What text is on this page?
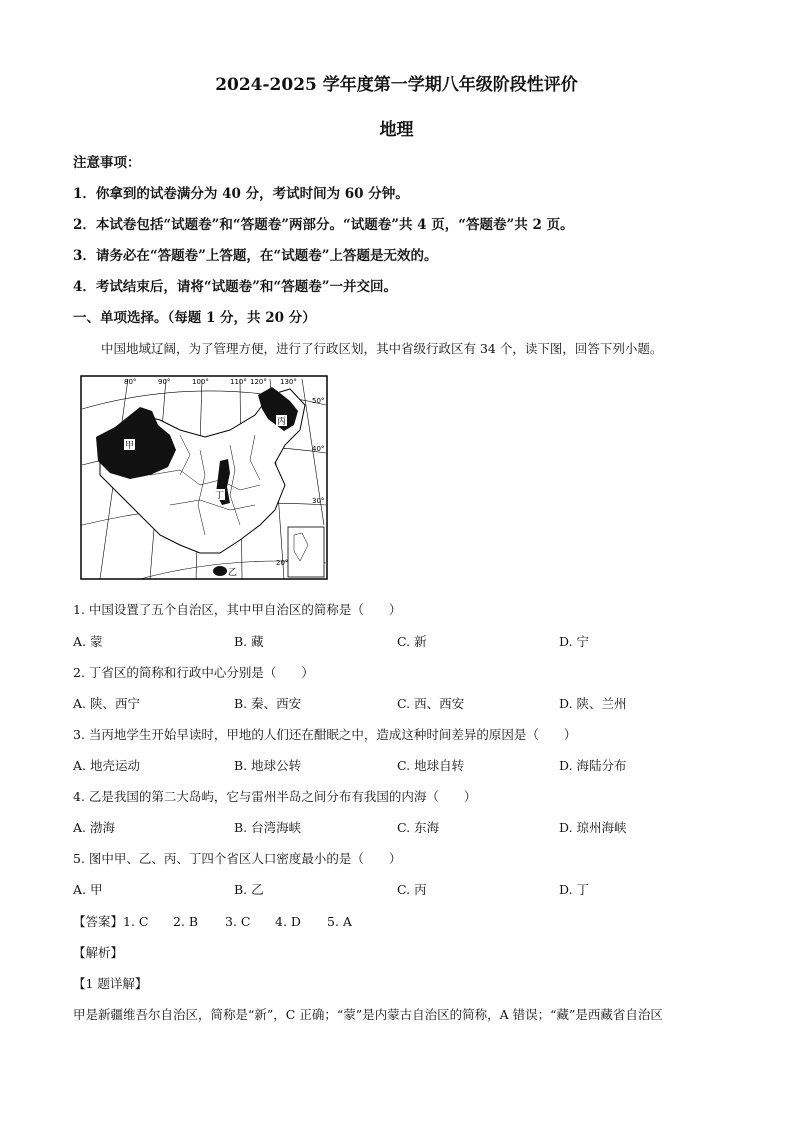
2024-2025 学年度第一学期八年级阶段性评价
地理
注意事项：
1．你拿到的试卷满分为 40 分，考试时间为 60 分钟。
2．本试卷包括“试题卷”和“答题卷”两部分。“试题卷”共 4 页，“答题卷”共 2 页。
3．请务必在“答题卷”上答题，在“试题卷”上答题是无效的。
4．考试结束后，请将“试题卷”和“答题卷”一并交回。
一、单项选择。（每题 1 分，共 20 分）
中国地域辽阔，为了管理方便，进行了行政区划，其中省级行政区有 34 个，读下图，回答下列小题。
80°	90°	100°	110° 120° 130°
50°
40°
30°
20°
甲
丙
丁
乙
1. 中国设置了五个自治区，其中甲自治区的简称是（　　）
A. 蒙	B. 藏	C. 新	D. 宁
2. 丁省区的简称和行政中心分别是（　　）
A. 陕、西宁	B. 秦、西安	C. 西、西安	D. 陕、兰州
3. 当丙地学生开始早读时，甲地的人们还在酣眠之中，造成这种时间差异的原因是（　　）
A. 地壳运动	B. 地球公转	C. 地球自转	D. 海陆分布
4. 乙是我国的第二大岛屿，它与雷州半岛之间分布有我国的内海（　　）
A. 渤海	B. 台湾海峡	C. 东海	D. 琼州海峡
5. 图中甲、乙、丙、丁四个省区人口密度最小的是（　　）
A. 甲	B. 乙	C. 丙	D. 丁
【答案】1. C 2. B 3. C 4. D 5. A
【解析】
【1 题详解】
甲是新疆维吾尔自治区，简称是“新”，C 正确；“蒙”是内蒙古自治区的简称，A 错误；“藏”是西藏省自治区
